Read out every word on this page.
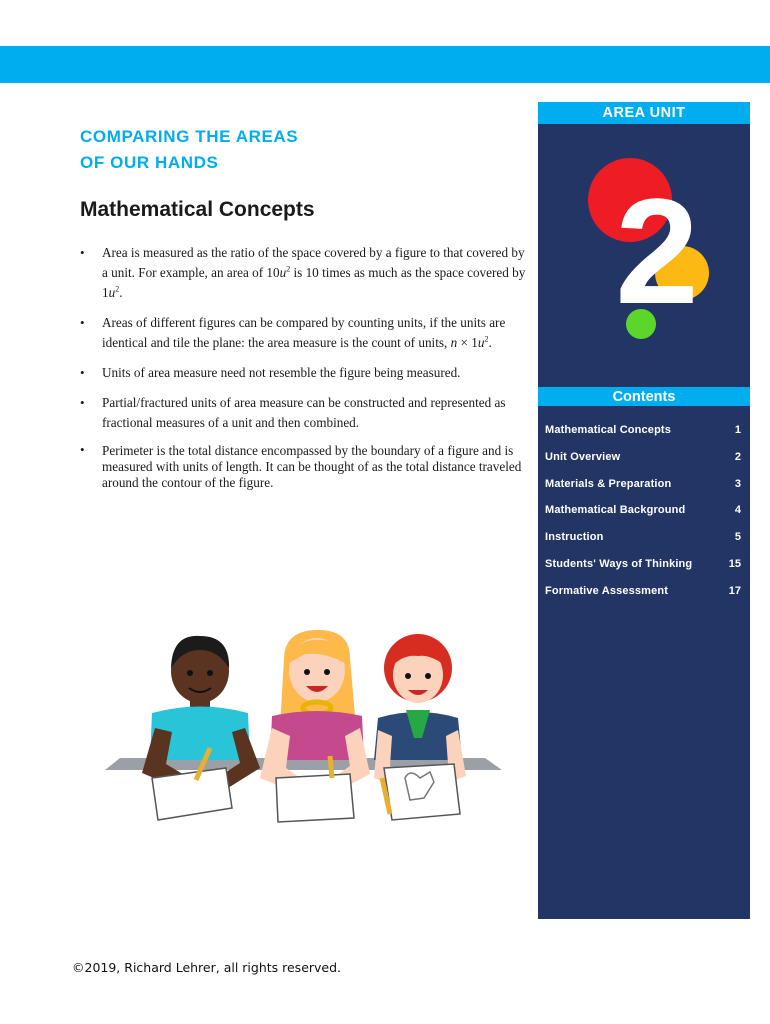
COMPARING THE AREAS
OF OUR HANDS
Mathematical Concepts
• Area is measured as the ratio of the space covered by a figure to that covered by a unit. For example, an area of $10u^2$ is 10 times as much as the space covered by $1u^2$.
• Areas of different figures can be compared by counting units, if the units are identical and tile the plane: the area measure is the count of units, $n \times 1u^2$.
• Units of area measure need not resemble the figure being measured.
• Partial/fractured units of area measure can be constructed and represented as fractional measures of a unit and then combined.
• Perimeter is the total distance encompassed by the boundary of a figure and is measured with units of length. It can be thought of as the total distance traveled around the contour of the figure.
AREA UNIT
2
Contents
Mathematical Concepts	1
Unit Overview	2
Materials & Preparation	3
Mathematical Background	4
Instruction	5
Students' Ways of Thinking	15
Formative Assessment	17
©2019, Richard Lehrer, all rights reserved.
